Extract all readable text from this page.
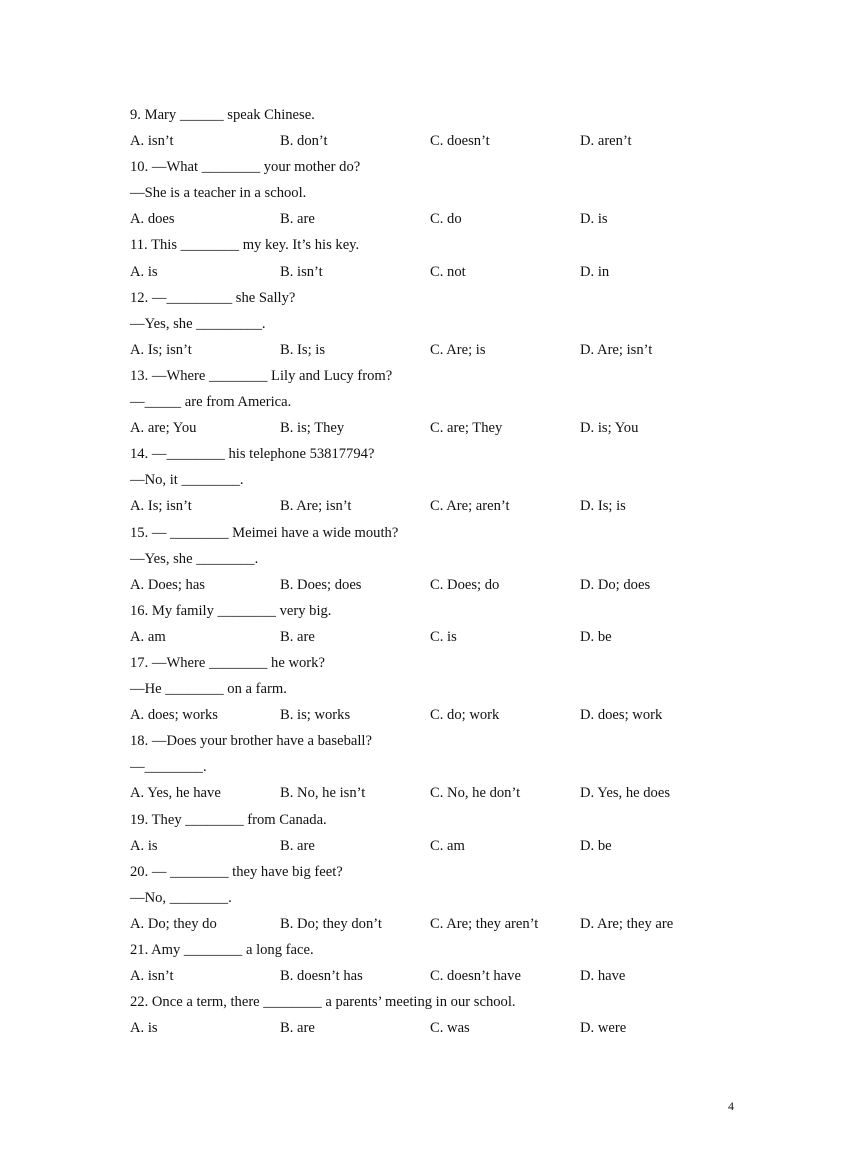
9. Mary ______ speak Chinese.
A. isn’t	B. don’t	C. doesn’t	D. aren’t
10. —What ________ your mother do?
—She is a teacher in a school.
A. does	B. are	C. do	D. is
11. This ________ my key. It’s his key.
A. is	B. isn’t	C. not	D. in
12. —_________ she Sally?
—Yes, she _________.
A. Is; isn’t	B. Is; is	C. Are; is	D. Are; isn’t
13. —Where ________ Lily and Lucy from?
—_____ are from America.
A. are; You	B. is; They	C. are; They	D. is; You
14. —________ his telephone 53817794?
—No, it ________.
A. Is; isn’t	B. Are; isn’t	C. Are; aren’t	D. Is; is
15. — ________ Meimei have a wide mouth?
—Yes, she ________.
A. Does; has	B. Does; does	C. Does; do	D. Do; does
16. My family ________ very big.
A. am	B. are	C. is	D. be
17. —Where ________ he work?
—He ________ on a farm.
A. does; works	B. is; works	C. do; work	D. does; work
18. —Does your brother have a baseball?
—________.
A. Yes, he have	B. No, he isn’t	C. No, he don’t	D. Yes, he does
19. They ________ from Canada.
A. is	B. are	C. am	D. be
20. — ________ they have big feet?
—No, ________.
A. Do; they do	B. Do; they don’t	C. Are; they aren’t	D. Are; they are
21. Amy ________ a long face.
A. isn’t	B. doesn’t has	C. doesn’t have	D. have
22. Once a term, there ________ a parents’ meeting in our school.
A. is	B. are	C. was	D. were
4
